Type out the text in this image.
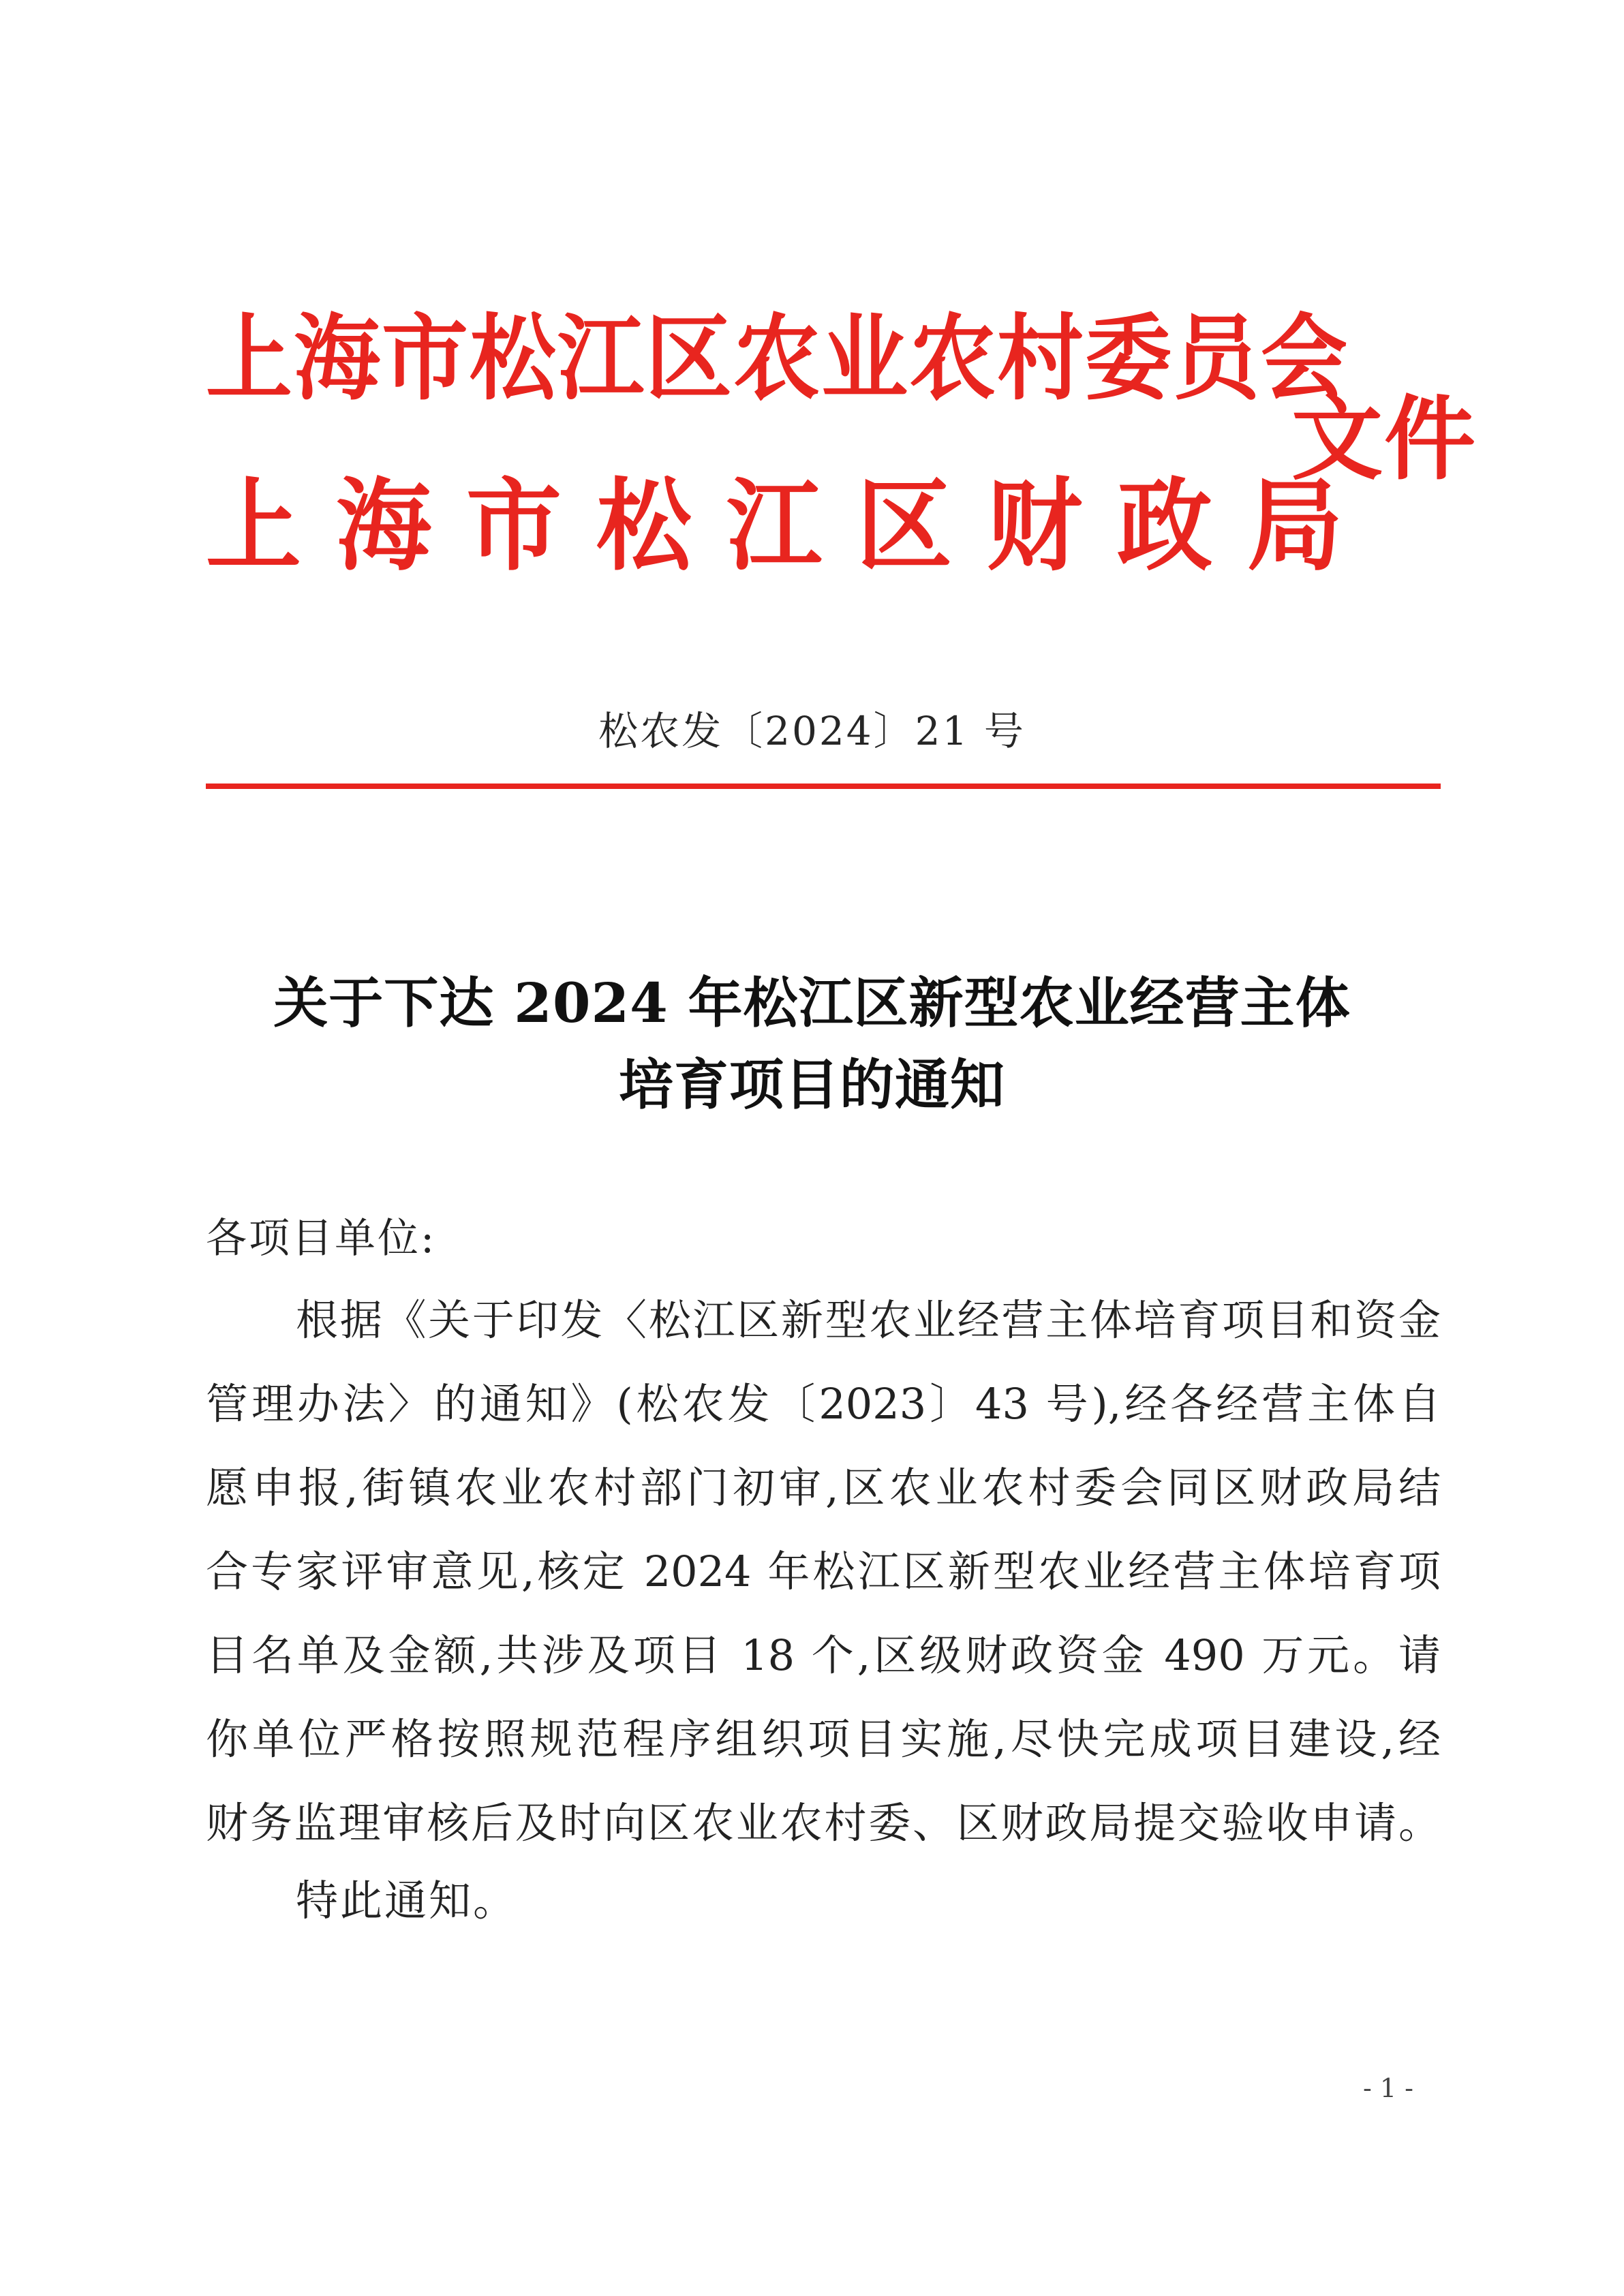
上海市松江区农业农村委员会
上海市松江区财政局
文件
松农发〔2024〕21 号
关于下达 2024 年松江区新型农业经营主体
培育项目的通知
各项目单位:
根据《关于印发〈松江区新型农业经营主体培育项目和资金
管理办法〉的通知》(松农发〔2023〕43 号),经各经营主体自
愿申报,街镇农业农村部门初审,区农业农村委会同区财政局结
合专家评审意见,核定 2024 年松江区新型农业经营主体培育项
目名单及金额,共涉及项目 18 个,区级财政资金 490 万元。请
你单位严格按照规范程序组织项目实施,尽快完成项目建设,经
财务监理审核后及时向区农业农村委、区财政局提交验收申请。
特此通知。
- 1 -
